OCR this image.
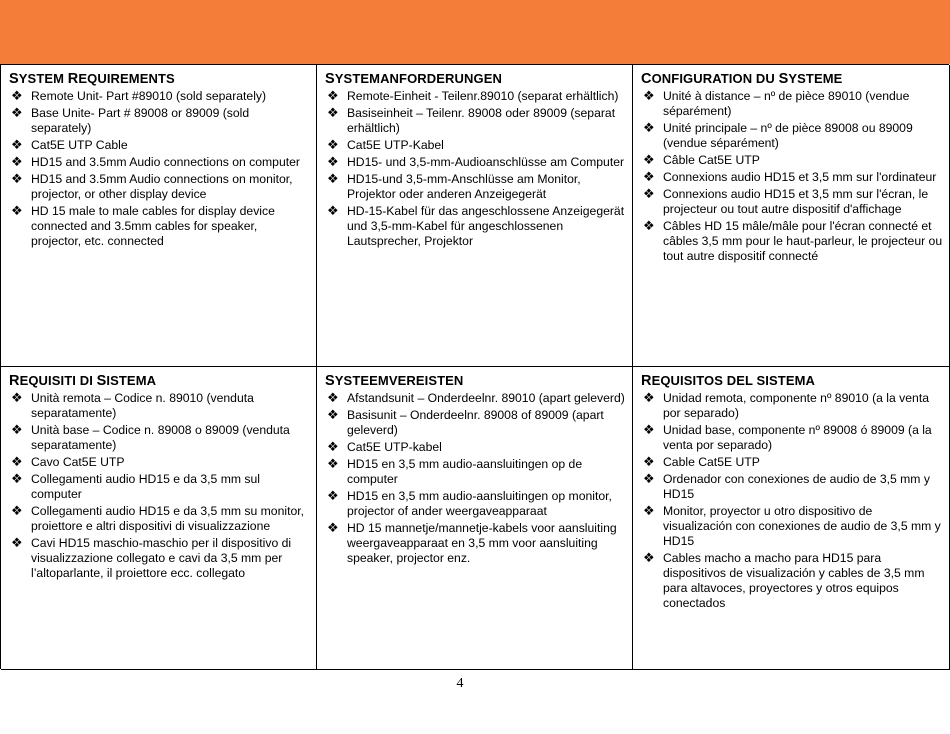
SYSTEM REQUIREMENTS
❖ Remote Unit- Part #89010 (sold separately)
❖ Base Unite- Part # 89008 or 89009 (sold separately)
❖ Cat5E UTP Cable
❖ HD15 and 3.5mm Audio connections on computer
❖ HD15 and 3.5mm Audio connections on monitor, projector, or other display device
❖ HD 15 male to male cables for display device connected and 3.5mm cables for speaker, projector, etc. connected
SYSTEMANFORDERUNGEN
❖ Remote-Einheit - Teilenr.89010 (separat erhältlich)
❖ Basiseinheit – Teilenr. 89008 oder 89009 (separat erhältlich)
❖ Cat5E UTP-Kabel
❖ HD15- und 3,5-mm-Audioanschlüsse am Computer
❖ HD15-und 3,5-mm-Anschlüsse am Monitor, Projektor oder anderen Anzeigegerät
❖ HD-15-Kabel für das angeschlossene Anzeigegerät und 3,5-mm-Kabel für angeschlossenen Lautsprecher, Projektor
CONFIGURATION DU SYSTEME
❖ Unité à distance – nº de pièce 89010 (vendue séparément)
❖ Unité principale – nº de pièce 89008 ou 89009 (vendue séparément)
❖ Câble Cat5E UTP
❖ Connexions audio HD15 et 3,5 mm sur l'ordinateur
❖ Connexions audio HD15 et 3,5 mm sur l'écran, le projecteur ou tout autre dispositif d'affichage
❖ Câbles HD 15 mâle/mâle pour l'écran connecté et câbles 3,5 mm pour le haut-parleur, le projecteur ou tout autre dispositif connecté
REQUISITI DI SISTEMA
❖ Unità remota – Codice n. 89010 (venduta separatamente)
❖ Unità base – Codice n. 89008 o 89009 (venduta separatamente)
❖ Cavo Cat5E UTP
❖ Collegamenti audio HD15 e da 3,5 mm sul computer
❖ Collegamenti audio HD15 e da 3,5 mm su monitor, proiettore e altri dispositivi di visualizzazione
❖ Cavi HD15 maschio-maschio per il dispositivo di visualizzazione collegato e cavi da 3,5 mm per l’altoparlante, il proiettore ecc. collegato
SYSTEEMVEREISTEN
❖ Afstandsunit – Onderdeelnr. 89010 (apart geleverd)
❖ Basisunit – Onderdeelnr. 89008 of 89009 (apart geleverd)
❖ Cat5E UTP-kabel
❖ HD15 en 3,5 mm audio-aansluitingen op de computer
❖ HD15 en 3,5 mm audio-aansluitingen op monitor, projector of ander weergaveapparaat
❖ HD 15 mannetje/mannetje-kabels voor aansluiting weergaveapparaat en 3,5 mm voor aansluiting speaker, projector enz.
REQUISITOS DEL SISTEMA
❖ Unidad remota, componente nº 89010 (a la venta por separado)
❖ Unidad base, componente nº 89008 ó 89009 (a la venta por separado)
❖ Cable Cat5E UTP
❖ Ordenador con conexiones de audio de 3,5 mm y HD15
❖ Monitor, proyector u otro dispositivo de visualización con conexiones de audio de 3,5 mm y HD15
❖ Cables macho a macho para HD15 para dispositivos de visualización y cables de 3,5 mm para altavoces, proyectores y otros equipos conectados
4
